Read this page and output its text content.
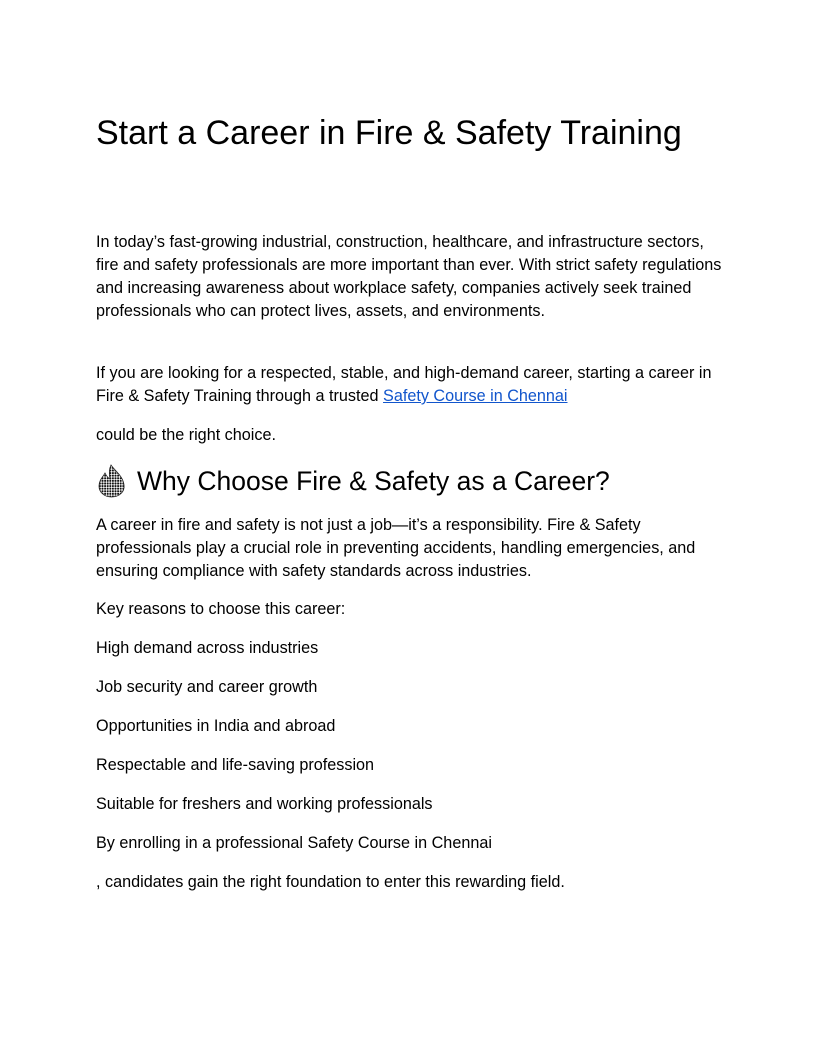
Start a Career in Fire & Safety Training

In today’s fast-growing industrial, construction, healthcare, and infrastructure sectors, fire and safety professionals are more important than ever. With strict safety regulations and increasing awareness about workplace safety, companies actively seek trained professionals who can protect lives, assets, and environments.

If you are looking for a respected, stable, and high-demand career, starting a career in Fire & Safety Training through a trusted Safety Course in Chennai

could be the right choice.

Why Choose Fire & Safety as a Career?

A career in fire and safety is not just a job—it’s a responsibility. Fire & Safety professionals play a crucial role in preventing accidents, handling emergencies, and ensuring compliance with safety standards across industries.

Key reasons to choose this career:

High demand across industries

Job security and career growth

Opportunities in India and abroad

Respectable and life-saving profession

Suitable for freshers and working professionals

By enrolling in a professional Safety Course in Chennai

, candidates gain the right foundation to enter this rewarding field.
